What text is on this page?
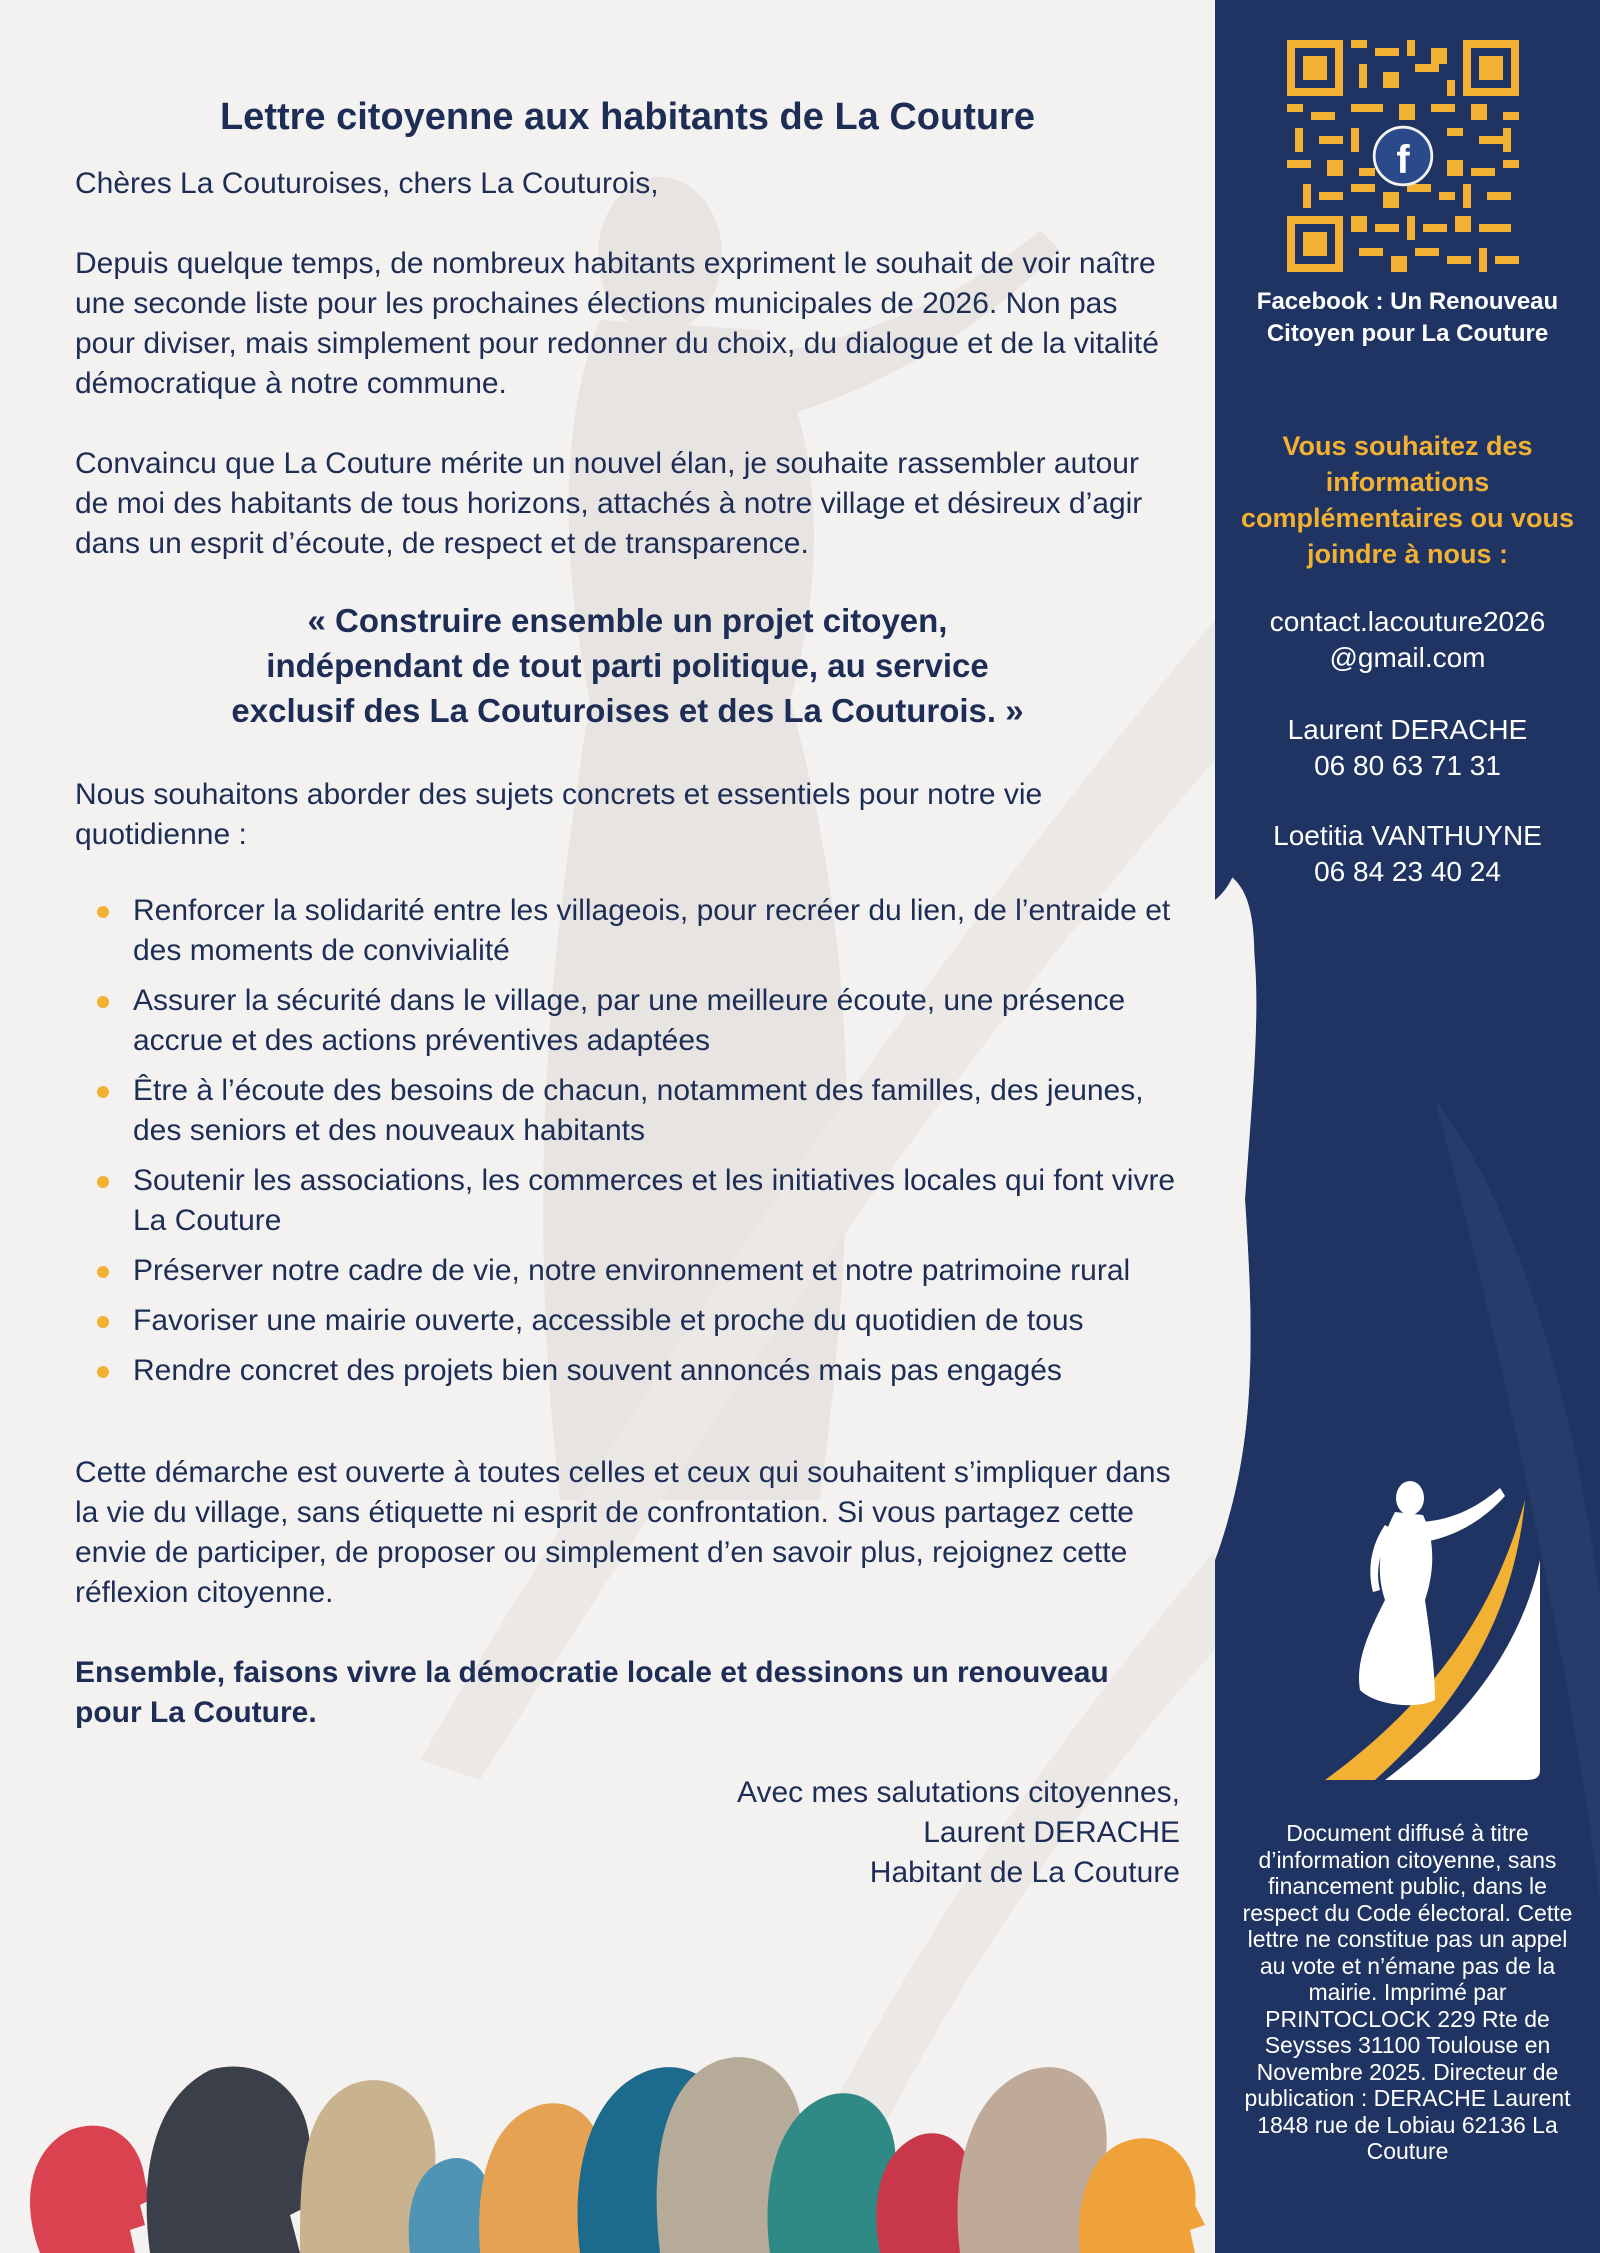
Lettre citoyenne aux habitants de La Couture
Chères La Couturoises, chers La Couturois,
Depuis quelque temps, de nombreux habitants expriment le souhait de voir naître une seconde liste pour les prochaines élections municipales de 2026. Non pas pour diviser, mais simplement pour redonner du choix, du dialogue et de la vitalité démocratique à notre commune.
Convaincu que La Couture mérite un nouvel élan, je souhaite rassembler autour de moi des habitants de tous horizons, attachés à notre village et désireux d’agir dans un esprit d’écoute, de respect et de transparence.
« Construire ensemble un projet citoyen,
indépendant de tout parti politique, au service
exclusif des La Couturoises et des La Couturois. »
Nous souhaitons aborder des sujets concrets et essentiels pour notre vie quotidienne :
Renforcer la solidarité entre les villageois, pour recréer du lien, de l’entraide et des moments de convivialité
Assurer la sécurité dans le village, par une meilleure écoute, une présence accrue et des actions préventives adaptées
Être à l’écoute des besoins de chacun, notamment des familles, des jeunes, des seniors et des nouveaux habitants
Soutenir les associations, les commerces et les initiatives locales qui font vivre La Couture
Préserver notre cadre de vie, notre environnement et notre patrimoine rural
Favoriser une mairie ouverte, accessible et proche du quotidien de tous
Rendre concret des projets bien souvent annoncés mais pas engagés
Cette démarche est ouverte à toutes celles et ceux qui souhaitent s’impliquer dans la vie du village, sans étiquette ni esprit de confrontation. Si vous partagez cette envie de participer, de proposer ou simplement d’en savoir plus, rejoignez cette réflexion citoyenne.
Ensemble, faisons vivre la démocratie locale et dessinons un renouveau pour La Couture.
Avec mes salutations citoyennes,
Laurent DERACHE
Habitant de La Couture
f
Facebook : Un Renouveau Citoyen pour La Couture
Vous souhaitez des informations complémentaires ou vous joindre à nous :
contact.lacouture2026
@gmail.com
Laurent DERACHE
06 80 63 71 31
Loetitia VANTHUYNE
06 84 23 40 24
Document diffusé à titre d’information citoyenne, sans financement public, dans le respect du Code électoral. Cette lettre ne constitue pas un appel au vote et n’émane pas de la mairie. Imprimé par PRINTOCLOCK 229 Rte de Seysses 31100 Toulouse en Novembre 2025. Directeur de publication : DERACHE Laurent 1848 rue de Lobiau 62136 La Couture
